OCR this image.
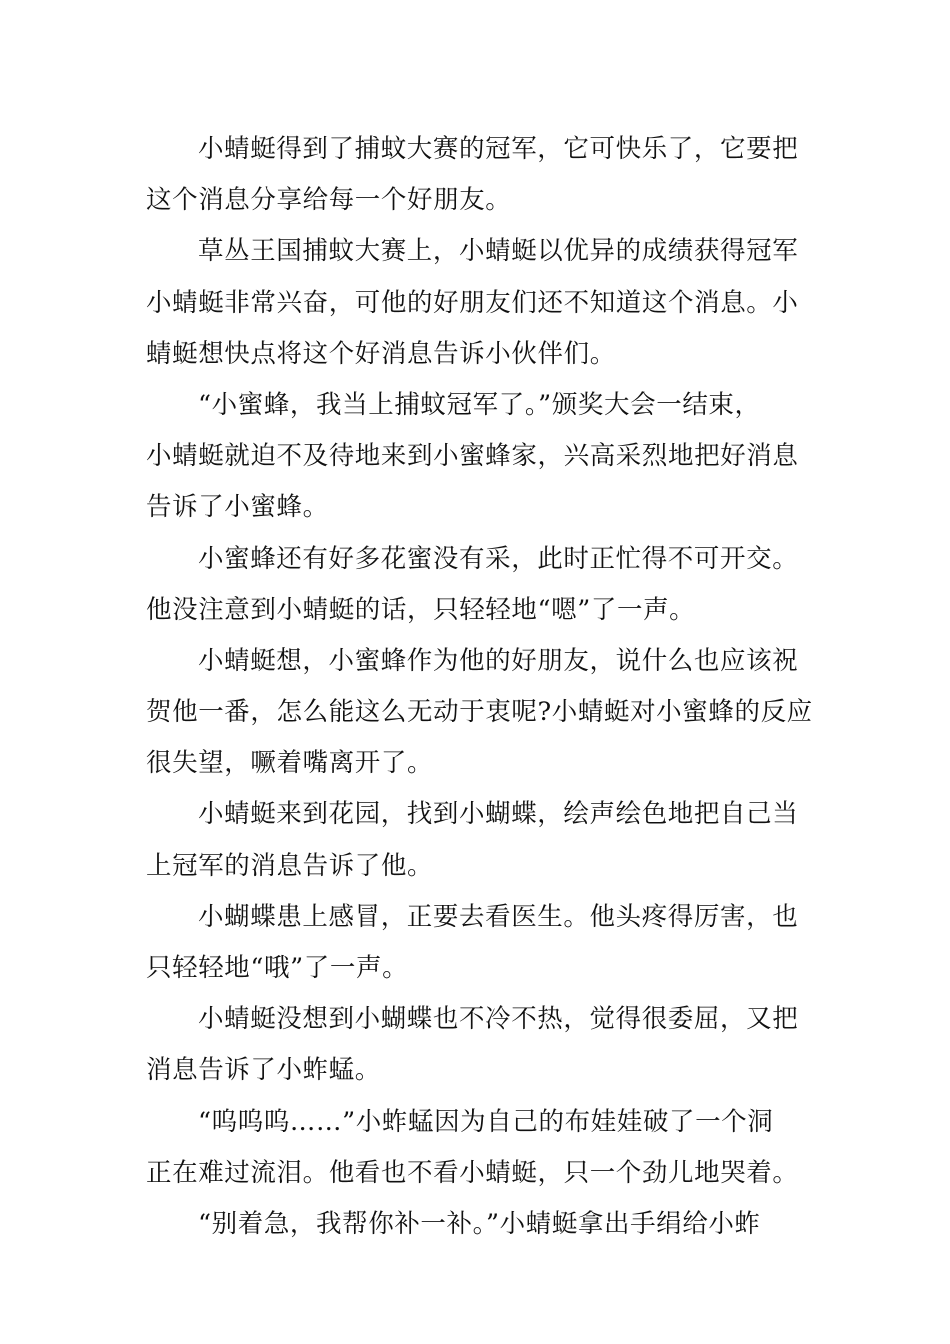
小蜻蜓得到了捕蚊大赛的冠军，它可快乐了，它要把
这个消息分享给每一个好朋友。
草丛王国捕蚊大赛上，小蜻蜓以优异的成绩获得冠军
小蜻蜓非常兴奋，可他的好朋友们还不知道这个消息。小
蜻蜓想快点将这个好消息告诉小伙伴们。
“小蜜蜂，我当上捕蚊冠军了。”颁奖大会一结束，
小蜻蜓就迫不及待地来到小蜜蜂家，兴高采烈地把好消息
告诉了小蜜蜂。
小蜜蜂还有好多花蜜没有采，此时正忙得不可开交。
他没注意到小蜻蜓的话，只轻轻地“嗯”了一声。
小蜻蜓想，小蜜蜂作为他的好朋友，说什么也应该祝
贺他一番，怎么能这么无动于衷呢?小蜻蜓对小蜜蜂的反应
很失望，噘着嘴离开了。
小蜻蜓来到花园，找到小蝴蝶，绘声绘色地把自己当
上冠军的消息告诉了他。
小蝴蝶患上感冒，正要去看医生。他头疼得厉害，也
只轻轻地“哦”了一声。
小蜻蜓没想到小蝴蝶也不冷不热，觉得很委屈，又把
消息告诉了小蚱蜢。
“呜呜呜……”小蚱蜢因为自己的布娃娃破了一个洞
正在难过流泪。他看也不看小蜻蜓，只一个劲儿地哭着。
“别着急，我帮你补一补。”小蜻蜓拿出手绢给小蚱
